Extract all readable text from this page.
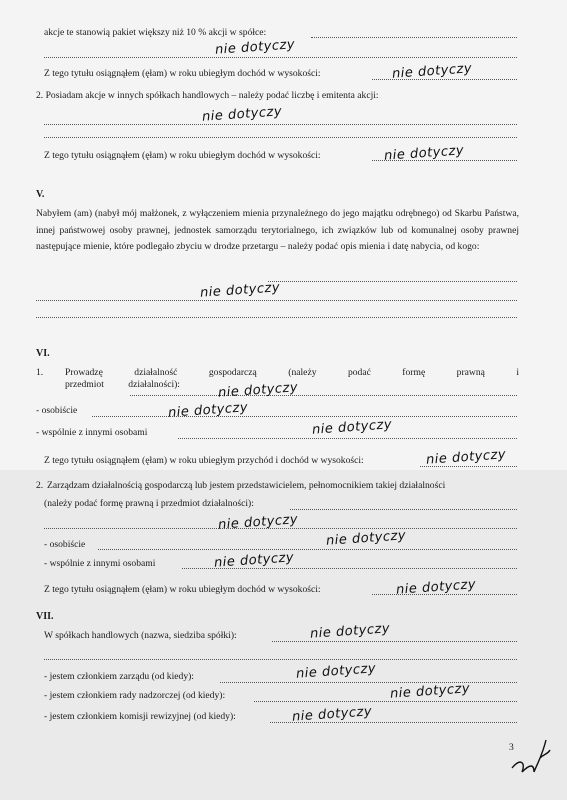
akcje te stanowią pakiet większy niż 10 % akcji w spółce:
nie dotyczy
Z tego tytułu osiągnąłem (ęłam) w roku ubiegłym dochód w wysokości:	nie dotyczy
2. Posiadam akcje w innych spółkach handlowych – należy podać liczbę i emitenta akcji:
nie dotyczy
Z tego tytułu osiągnąłem (ęłam) w roku ubiegłym dochód w wysokości:	nie dotyczy
V.
Nabyłem (am) (nabył mój małżonek, z wyłączeniem mienia przynależnego do jego majątku odrębnego) od Skarbu Państwa, innej państwowej osoby prawnej, jednostek samorządu terytorialnego, ich związków lub od komunalnej osoby prawnej następujące mienie, które podlegało zbyciu w drodze przetargu – należy podać opis mienia i datę nabycia, od kogo:
nie dotyczy
VI.
1. Prowadzę działalność gospodarczą (należy podać formę prawną i przedmiot działalności):	nie dotyczy
- osobiście	nie dotyczy
- wspólnie z innymi osobami	nie dotyczy
Z tego tytułu osiągnąłem (ęłam) w roku ubiegłym przychód i dochód w wysokości:	nie dotyczy
2. Zarządzam działalnością gospodarczą lub jestem przedstawicielem, pełnomocnikiem takiej działalności
(należy podać formę prawną i przedmiot działalności):
nie dotyczy
- osobiście	nie dotyczy
- wspólnie z innymi osobami	nie dotyczy
Z tego tytułu osiągnąłem (ęłam) w roku ubiegłym dochód w wysokości:	nie dotyczy
VII.
W spółkach handlowych (nazwa, siedziba spółki):	nie dotyczy
- jestem członkiem zarządu (od kiedy):	nie dotyczy
- jestem członkiem rady nadzorczej (od kiedy):	nie dotyczy
- jestem członkiem komisji rewizyjnej (od kiedy):	nie dotyczy
3
